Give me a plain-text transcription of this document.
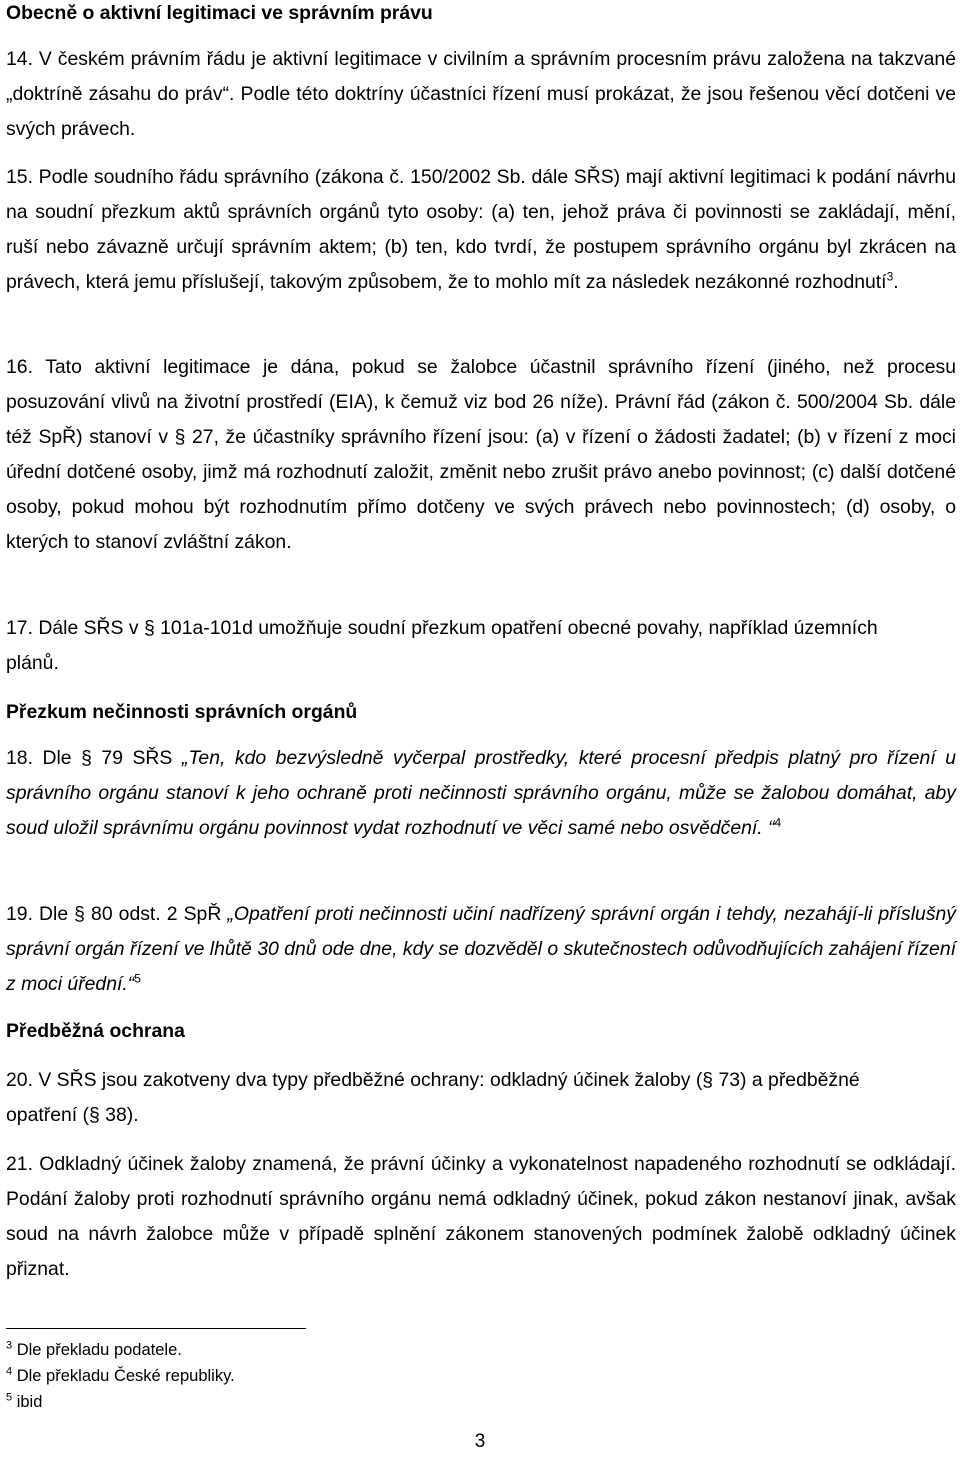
Obecně o aktivní legitimaci ve správním právu

14. V českém právním řádu je aktivní legitimace v civilním a správním procesním právu založena na takzvané „doktríně zásahu do práv“. Podle této doktríny účastníci řízení musí prokázat, že jsou řešenou věcí dotčeni ve svých právech.

15. Podle soudního řádu správního (zákona č. 150/2002 Sb. dále SŘS) mají aktivní legitimaci k podání návrhu na soudní přezkum aktů správních orgánů tyto osoby: (a) ten, jehož práva či povinnosti se zakládají, mění, ruší nebo závazně určují správním aktem; (b) ten, kdo tvrdí, že postupem správního orgánu byl zkrácen na právech, která jemu příslušejí, takovým způsobem, že to mohlo mít za následek nezákonné rozhodnutí$^3$.

16. Tato aktivní legitimace je dána, pokud se žalobce účastnil správního řízení (jiného, než procesu posuzování vlivů na životní prostředí (EIA), k čemuž viz bod 26 níže). Právní řád (zákon č. 500/2004 Sb. dále též SpŘ) stanoví v § 27, že účastníky správního řízení jsou: (a) v řízení o žádosti žadatel; (b) v řízení z moci úřední dotčené osoby, jimž má rozhodnutí založit, změnit nebo zrušit právo anebo povinnost; (c) další dotčené osoby, pokud mohou být rozhodnutím přímo dotčeny ve svých právech nebo povinnostech; (d) osoby, o kterých to stanoví zvláštní zákon.

17. Dále SŘS v § 101a-101d umožňuje soudní přezkum opatření obecné povahy, například územních plánů.

Přezkum nečinnosti správních orgánů

18. Dle § 79 SŘS „Ten, kdo bezvýsledně vyčerpal prostředky, které procesní předpis platný pro řízení u správního orgánu stanoví k jeho ochraně proti nečinnosti správního orgánu, může se žalobou domáhat, aby soud uložil správnímu orgánu povinnost vydat rozhodnutí ve věci samé nebo osvědčení. “$^4$

19. Dle § 80 odst. 2 SpŘ „Opatření proti nečinnosti učiní nadřízený správní orgán i tehdy, nezahájí-li příslušný správní orgán řízení ve lhůtě 30 dnů ode dne, kdy se dozvěděl o skutečnostech odůvodňujících zahájení řízení z moci úřední.“$^5$

Předběžná ochrana

20. V SŘS jsou zakotveny dva typy předběžné ochrany: odkladný účinek žaloby (§ 73) a předběžné opatření (§ 38).

21. Odkladný účinek žaloby znamená, že právní účinky a vykonatelnost napadeného rozhodnutí se odkládají. Podání žaloby proti rozhodnutí správního orgánu nemá odkladný účinek, pokud zákon nestanoví jinak, avšak soud na návrh žalobce může v případě splnění zákonem stanovených podmínek žalobě odkladný účinek přiznat.

$^3$ Dle překladu podatele.
$^4$ Dle překladu České republiky.
$^5$ ibid
3
